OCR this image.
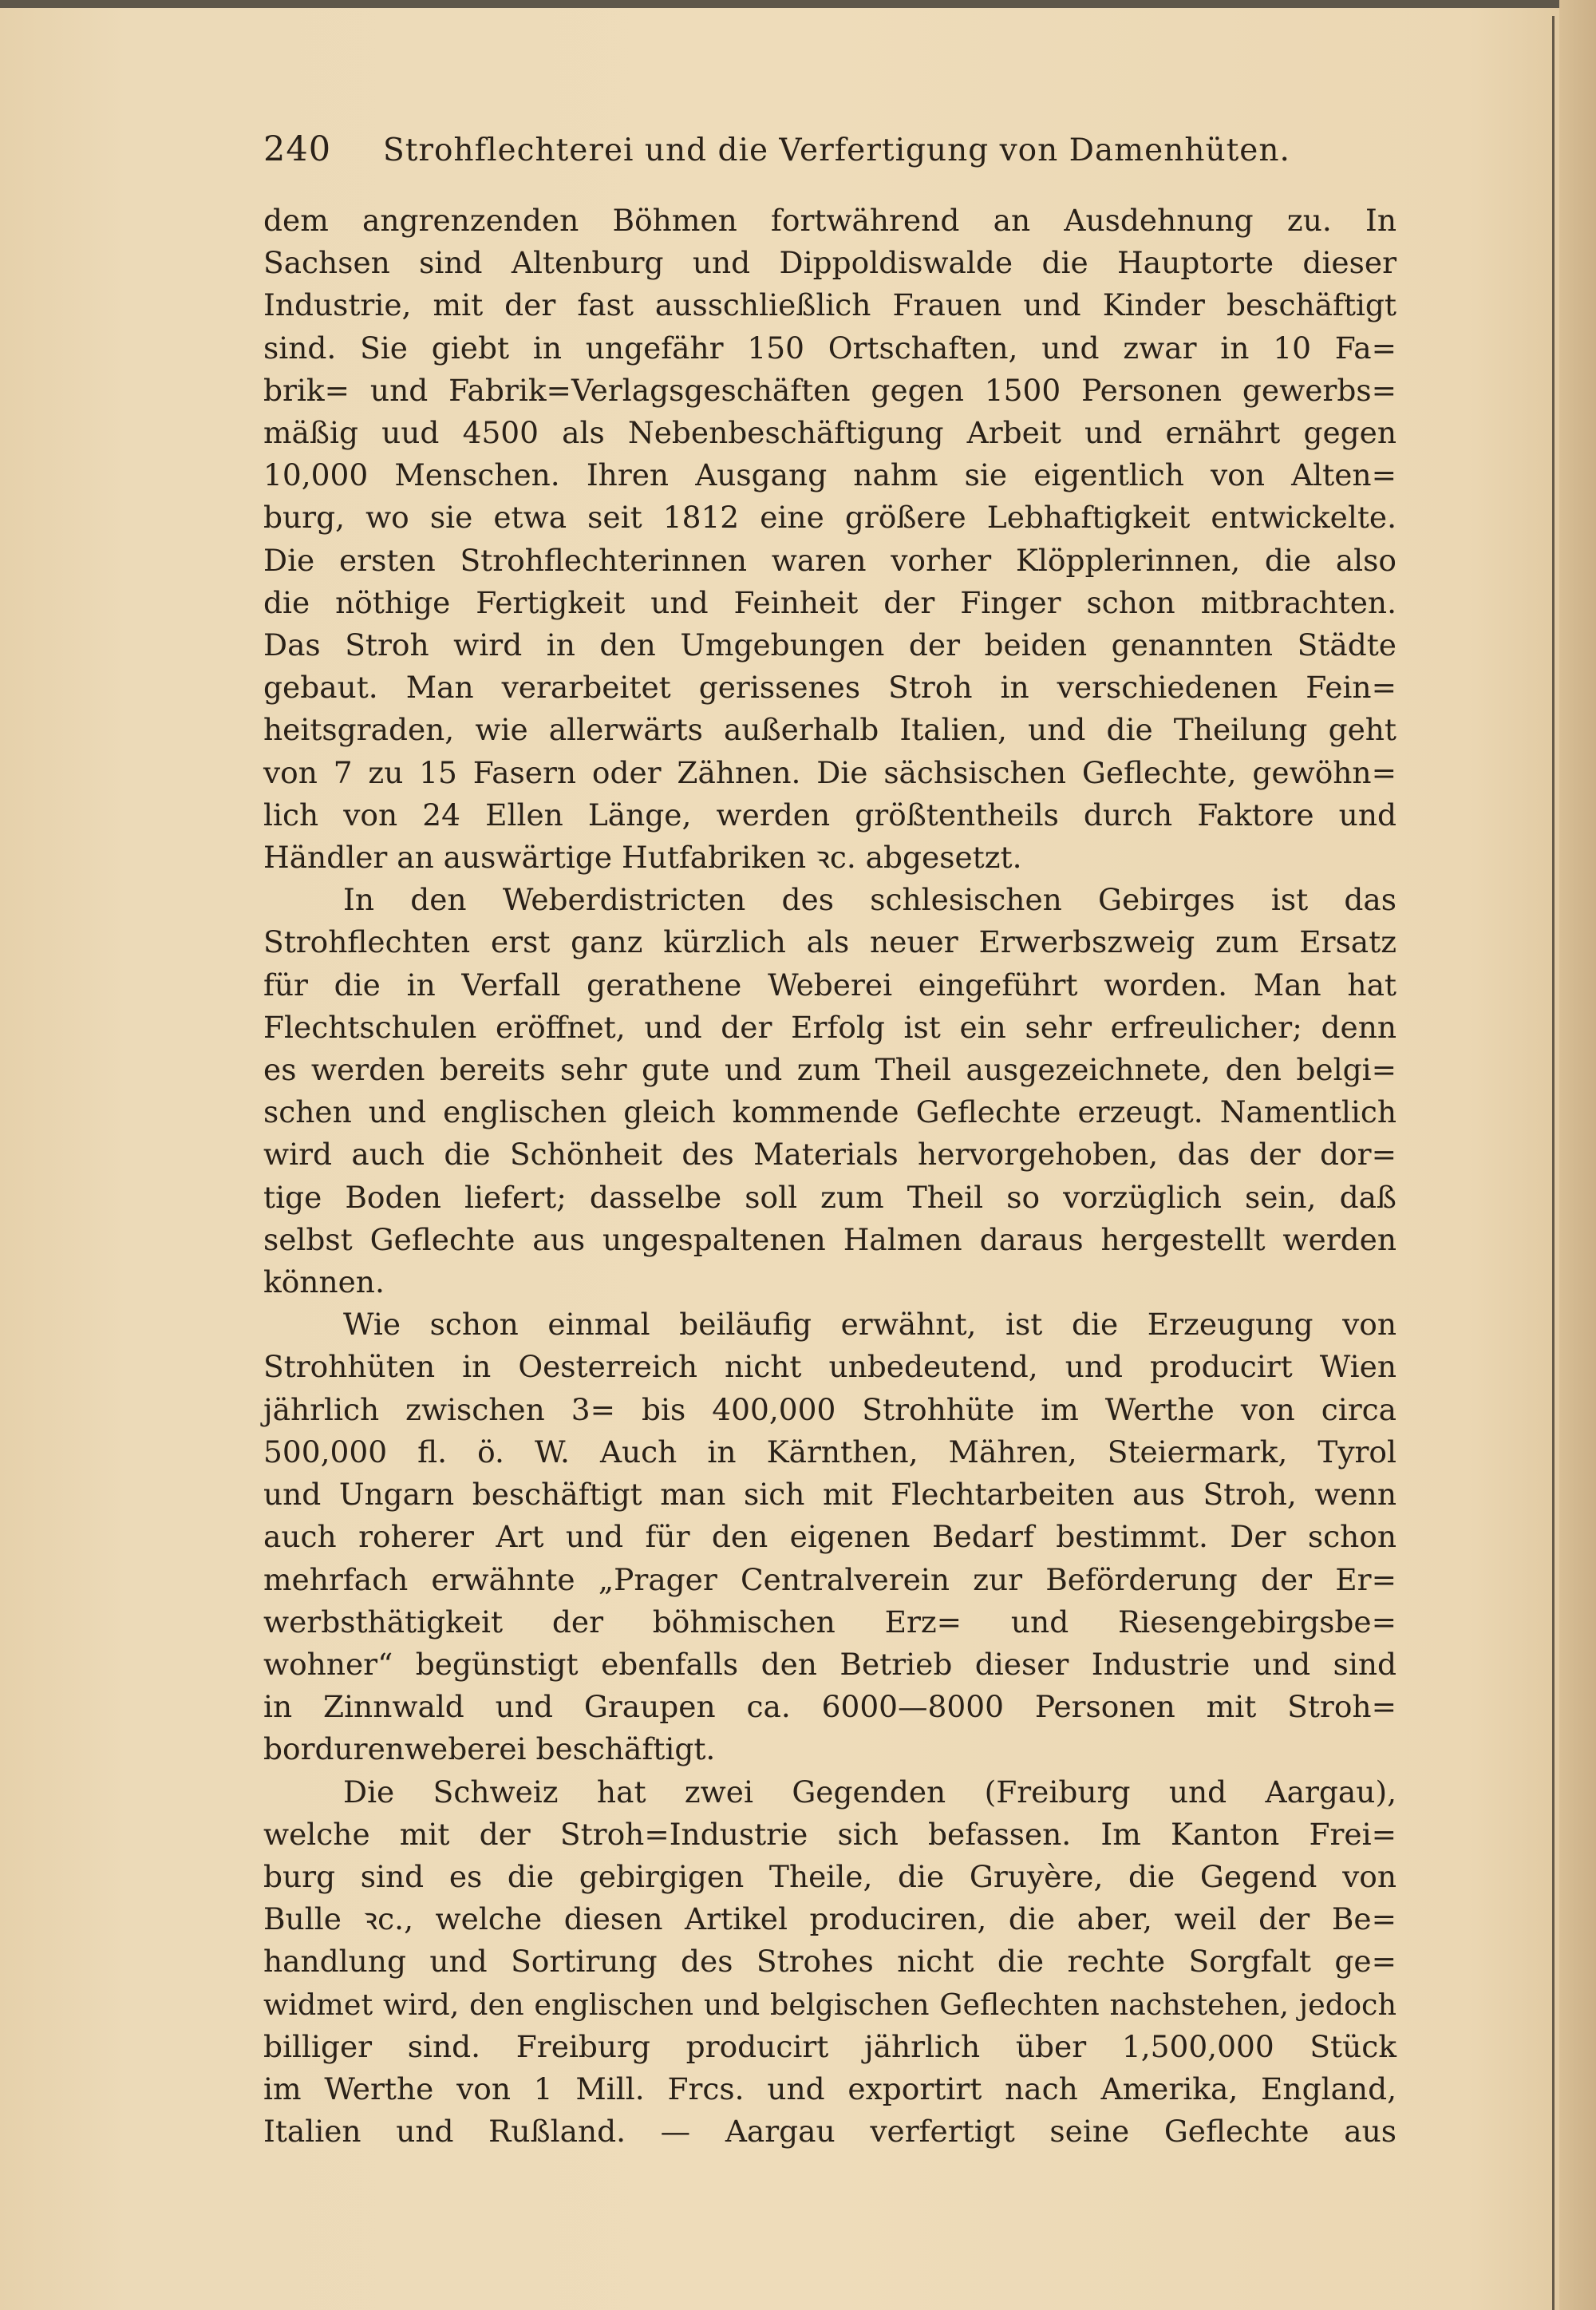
240	Strohflechterei und die Verfertigung von Damenhüten.
dem angrenzenden Böhmen fortwährend an Ausdehnung zu. In
Sachsen sind Altenburg und Dippoldiswalde die Hauptorte dieser
Industrie, mit der fast ausschließlich Frauen und Kinder beschäftigt
sind. Sie giebt in ungefähr 150 Ortschaften, und zwar in 10 Fa=
brik= und Fabrik=Verlagsgeschäften gegen 1500 Personen gewerbs=
mäßig uud 4500 als Nebenbeschäftigung Arbeit und ernährt gegen
10,000 Menschen. Ihren Ausgang nahm sie eigentlich von Alten=
burg, wo sie etwa seit 1812 eine größere Lebhaftigkeit entwickelte.
Die ersten Strohflechterinnen waren vorher Klöpplerinnen, die also
die nöthige Fertigkeit und Feinheit der Finger schon mitbrachten.
Das Stroh wird in den Umgebungen der beiden genannten Städte
gebaut. Man verarbeitet gerissenes Stroh in verschiedenen Fein=
heitsgraden, wie allerwärts außerhalb Italien, und die Theilung geht
von 7 zu 15 Fasern oder Zähnen. Die sächsischen Geflechte, gewöhn=
lich von 24 Ellen Länge, werden größtentheils durch Faktore und
Händler an auswärtige Hutfabriken ꝛc. abgesetzt.
In den Weberdistricten des schlesischen Gebirges ist das
Strohflechten erst ganz kürzlich als neuer Erwerbszweig zum Ersatz
für die in Verfall gerathene Weberei eingeführt worden. Man hat
Flechtschulen eröffnet, und der Erfolg ist ein sehr erfreulicher; denn
es werden bereits sehr gute und zum Theil ausgezeichnete, den belgi=
schen und englischen gleich kommende Geflechte erzeugt. Namentlich
wird auch die Schönheit des Materials hervorgehoben, das der dor=
tige Boden liefert; dasselbe soll zum Theil so vorzüglich sein, daß
selbst Geflechte aus ungespaltenen Halmen daraus hergestellt werden
können.
Wie schon einmal beiläufig erwähnt, ist die Erzeugung von
Strohhüten in Oesterreich nicht unbedeutend, und producirt Wien
jährlich zwischen 3= bis 400,000 Strohhüte im Werthe von circa
500,000 fl. ö. W. Auch in Kärnthen, Mähren, Steiermark, Tyrol
und Ungarn beschäftigt man sich mit Flechtarbeiten aus Stroh, wenn
auch roherer Art und für den eigenen Bedarf bestimmt. Der schon
mehrfach erwähnte „Prager Centralverein zur Beförderung der Er=
werbsthätigkeit der böhmischen Erz= und Riesengebirgsbe=
wohner“ begünstigt ebenfalls den Betrieb dieser Industrie und sind
in Zinnwald und Graupen ca. 6000—8000 Personen mit Stroh=
bordurenweberei beschäftigt.
Die Schweiz hat zwei Gegenden (Freiburg und Aargau),
welche mit der Stroh=Industrie sich befassen. Im Kanton Frei=
burg sind es die gebirgigen Theile, die Gruyère, die Gegend von
Bulle ꝛc., welche diesen Artikel produciren, die aber, weil der Be=
handlung und Sortirung des Strohes nicht die rechte Sorgfalt ge=
widmet wird, den englischen und belgischen Geflechten nachstehen, jedoch
billiger sind. Freiburg producirt jährlich über 1,500,000 Stück
im Werthe von 1 Mill. Frcs. und exportirt nach Amerika, England,
Italien und Rußland. — Aargau verfertigt seine Geflechte aus
